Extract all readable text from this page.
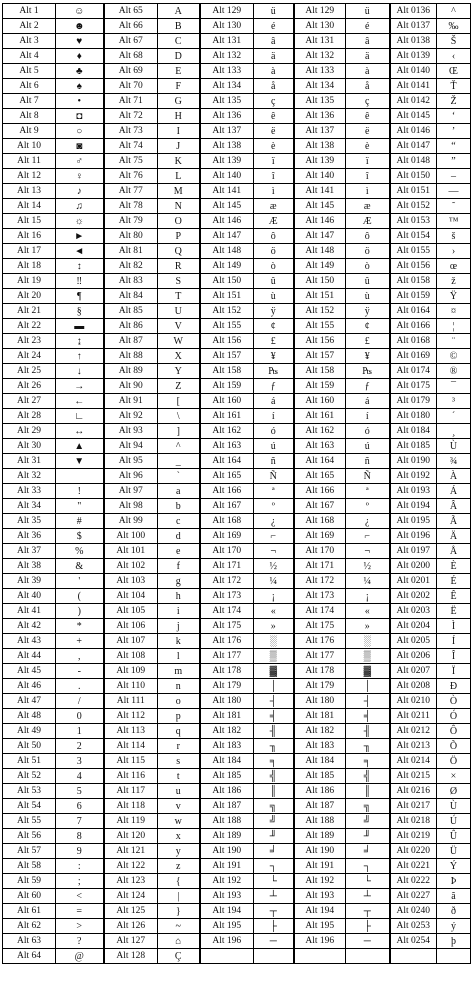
Alt 1	☺	Alt 65	A	Alt 129	ü	Alt 129	ü	Alt 0136	^
Alt 2	☻	Alt 66	B	Alt 130	é	Alt 130	é	Alt 0137	‰
Alt 3	♥	Alt 67	C	Alt 131	â	Alt 131	â	Alt 0138	Š
Alt 4	♦	Alt 68	D	Alt 132	ä	Alt 132	ä	Alt 0139	‹
Alt 5	♣	Alt 69	E	Alt 133	à	Alt 133	à	Alt 0140	Œ
Alt 6	♠	Alt 70	F	Alt 134	å	Alt 134	å	Alt 0141	Ť
Alt 7	•	Alt 71	G	Alt 135	ç	Alt 135	ç	Alt 0142	Ž
Alt 8	◘	Alt 72	H	Alt 136	ê	Alt 136	ê	Alt 0145	‘
Alt 9	○	Alt 73	I	Alt 137	ë	Alt 137	ë	Alt 0146	’
Alt 10	◙	Alt 74	J	Alt 138	è	Alt 138	è	Alt 0147	“
Alt 11	♂	Alt 75	K	Alt 139	ï	Alt 139	ï	Alt 0148	”
Alt 12	♀	Alt 76	L	Alt 140	î	Alt 140	î	Alt 0150	–
Alt 13	♪	Alt 77	M	Alt 141	ì	Alt 141	ì	Alt 0151	—
Alt 14	♫	Alt 78	N	Alt 145	æ	Alt 145	æ	Alt 0152	˜
Alt 15	☼	Alt 79	O	Alt 146	Æ	Alt 146	Æ	Alt 0153	™
Alt 16	►	Alt 80	P	Alt 147	ô	Alt 147	ô	Alt 0154	š
Alt 17	◄	Alt 81	Q	Alt 148	ö	Alt 148	ö	Alt 0155	›
Alt 18	↕	Alt 82	R	Alt 149	ò	Alt 149	ò	Alt 0156	œ
Alt 19	‼	Alt 83	S	Alt 150	û	Alt 150	û	Alt 0158	ž
Alt 20	¶	Alt 84	T	Alt 151	ù	Alt 151	ù	Alt 0159	Ÿ
Alt 21	§	Alt 85	U	Alt 152	ÿ	Alt 152	ÿ	Alt 0164	¤
Alt 22	▬	Alt 86	V	Alt 155	¢	Alt 155	¢	Alt 0166	¦
Alt 23	↨	Alt 87	W	Alt 156	£	Alt 156	£	Alt 0168	¨
Alt 24	↑	Alt 88	X	Alt 157	¥	Alt 157	¥	Alt 0169	©
Alt 25	↓	Alt 89	Y	Alt 158	₧	Alt 158	₧	Alt 0174	®
Alt 26	→	Alt 90	Z	Alt 159	ƒ	Alt 159	ƒ	Alt 0175	¯
Alt 27	←	Alt 91	[	Alt 160	á	Alt 160	á	Alt 0179	³
Alt 28	∟	Alt 92	\	Alt 161	í	Alt 161	í	Alt 0180	´
Alt 29	↔	Alt 93	]	Alt 162	ó	Alt 162	ó	Alt 0184	¸
Alt 30	▲	Alt 94	^	Alt 163	ú	Alt 163	ú	Alt 0185	Ù
Alt 31	▼	Alt 95	_	Alt 164	ñ	Alt 164	ñ	Alt 0190	¾
Alt 32		Alt 96	`	Alt 165	Ñ	Alt 165	Ñ	Alt 0192	À
Alt 33	!	Alt 97	a	Alt 166	ª	Alt 166	ª	Alt 0193	Á
Alt 34	"	Alt 98	b	Alt 167	º	Alt 167	º	Alt 0194	Â
Alt 35	#	Alt 99	c	Alt 168	¿	Alt 168	¿	Alt 0195	Ã
Alt 36	$	Alt 100	d	Alt 169	⌐	Alt 169	⌐	Alt 0196	Ä
Alt 37	%	Alt 101	e	Alt 170	¬	Alt 170	¬	Alt 0197	Å
Alt 38	&	Alt 102	f	Alt 171	½	Alt 171	½	Alt 0200	È
Alt 39	'	Alt 103	g	Alt 172	¼	Alt 172	¼	Alt 0201	É
Alt 40	(	Alt 104	h	Alt 173	¡	Alt 173	¡	Alt 0202	Ê
Alt 41	)	Alt 105	i	Alt 174	«	Alt 174	«	Alt 0203	Ë
Alt 42	*	Alt 106	j	Alt 175	»	Alt 175	»	Alt 0204	Ì
Alt 43	+	Alt 107	k	Alt 176	░	Alt 176	░	Alt 0205	Í
Alt 44	,	Alt 108	l	Alt 177	▒	Alt 177	▒	Alt 0206	Î
Alt 45	-	Alt 109	m	Alt 178	▓	Alt 178	▓	Alt 0207	Ï
Alt 46	.	Alt 110	n	Alt 179	│	Alt 179	│	Alt 0208	Ð
Alt 47	/	Alt 111	o	Alt 180	┤	Alt 180	┤	Alt 0210	Ò
Alt 48	0	Alt 112	p	Alt 181	╡	Alt 181	╡	Alt 0211	Ó
Alt 49	1	Alt 113	q	Alt 182	╢	Alt 182	╢	Alt 0212	Ô
Alt 50	2	Alt 114	r	Alt 183	╖	Alt 183	╖	Alt 0213	Õ
Alt 51	3	Alt 115	s	Alt 184	╕	Alt 184	╕	Alt 0214	Ö
Alt 52	4	Alt 116	t	Alt 185	╣	Alt 185	╣	Alt 0215	×
Alt 53	5	Alt 117	u	Alt 186	║	Alt 186	║	Alt 0216	Ø
Alt 54	6	Alt 118	v	Alt 187	╗	Alt 187	╗	Alt 0217	Ù
Alt 55	7	Alt 119	w	Alt 188	╝	Alt 188	╝	Alt 0218	Ú
Alt 56	8	Alt 120	x	Alt 189	╜	Alt 189	╜	Alt 0219	Û
Alt 57	9	Alt 121	y	Alt 190	╛	Alt 190	╛	Alt 0220	Ü
Alt 58	:	Alt 122	z	Alt 191	┐	Alt 191	┐	Alt 0221	Ý
Alt 59	;	Alt 123	{	Alt 192	└	Alt 192	└	Alt 0222	Þ
Alt 60	<	Alt 124	|	Alt 193	┴	Alt 193	┴	Alt 0227	ã
Alt 61	=	Alt 125	}	Alt 194	┬	Alt 194	┬	Alt 0240	ð
Alt 62	>	Alt 126	~	Alt 195	├	Alt 195	├	Alt 0253	ý
Alt 63	?	Alt 127	⌂	Alt 196	─	Alt 196	─	Alt 0254	þ
Alt 64	@	Alt 128	Ç						
